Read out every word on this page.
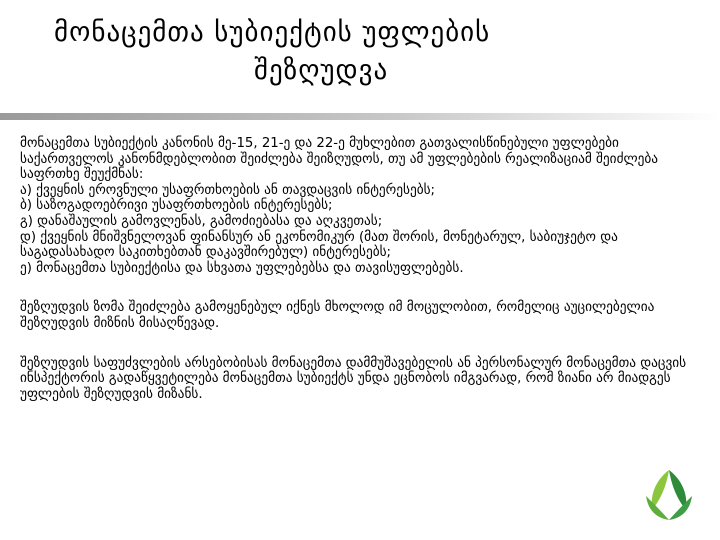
მონაცემთა სუბიექტის უფლების
შეზღუდვა

მონაცემთა სუბიექტის კანონის მე-15, 21-ე და 22-ე მუხლებით გათვალისწინებული უფლებები საქართველოს კანონმდებლობით შეიძლება შეიზღუდოს, თუ ამ უფლებების რეალიზაციამ შეიძლება საფრთხე შეუქმნას:

ა) ქვეყნის ეროვნული უსაფრთხოების ან თავდაცვის ინტერესებს;

ბ) საზოგადოებრივი უსაფრთხოების ინტერესებს;

გ) დანაშაულის გამოვლენას, გამოძიებასა და აღკვეთას;

დ) ქვეყნის მნიშვნელოვან ფინანსურ ან ეკონომიკურ (მათ შორის, მონეტარულ, საბიუჯეტო და საგადასახადო საკითხებთან დაკავშირებულ) ინტერესებს;

ე) მონაცემთა სუბიექტისა და სხვათა უფლებებსა და თავისუფლებებს.

შეზღუდვის ზომა შეიძლება გამოყენებულ იქნეს მხოლოდ იმ მოცულობით, რომელიც აუცილებელია შეზღუდვის მიზნის მისაღწევად.

შეზღუდვის საფუძვლების არსებობისას მონაცემთა დამმუშავებელის ან პერსონალურ მონაცემთა დაცვის ინსპექტორის გადაწყვეტილება მონაცემთა სუბიექტს უნდა ეცნობოს იმგვარად, რომ ზიანი არ მიადგეს უფლების შეზღუდვის მიზანს.
